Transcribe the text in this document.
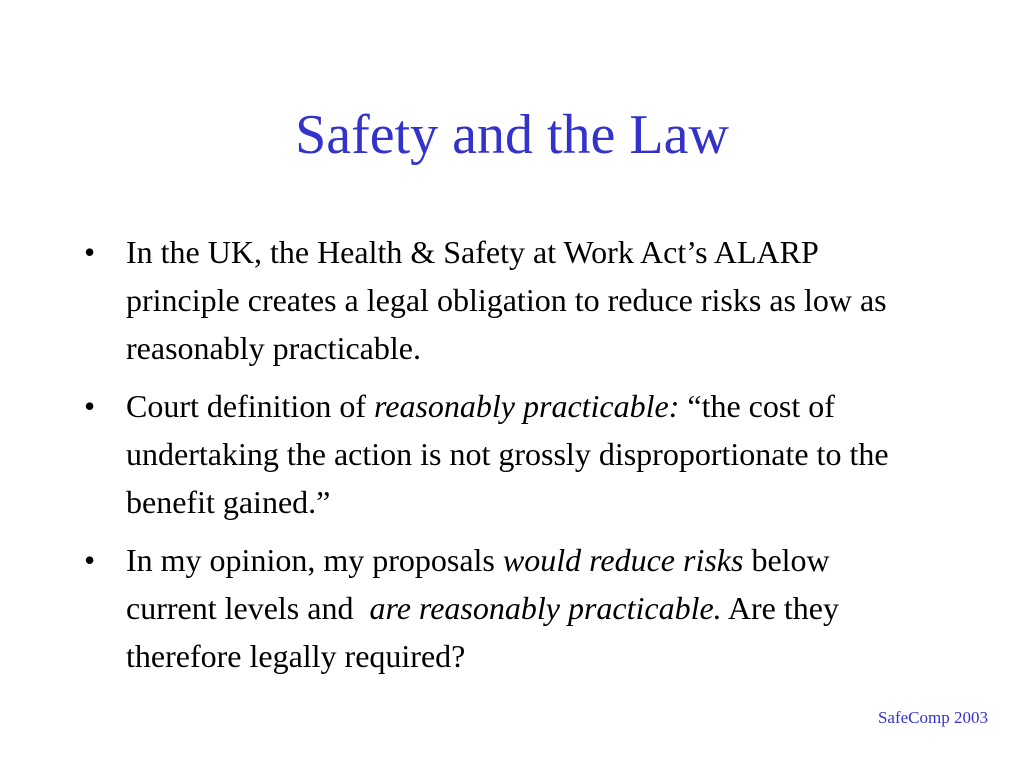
Safety and the Law
• In the UK, the Health & Safety at Work Act’s ALARP principle creates a legal obligation to reduce risks as low as reasonably practicable.
• Court definition of reasonably practicable: “the cost of undertaking the action is not grossly disproportionate to the benefit gained.”
• In my opinion, my proposals would reduce risks below current levels and  are reasonably practicable. Are they therefore legally required?
SafeComp 2003
